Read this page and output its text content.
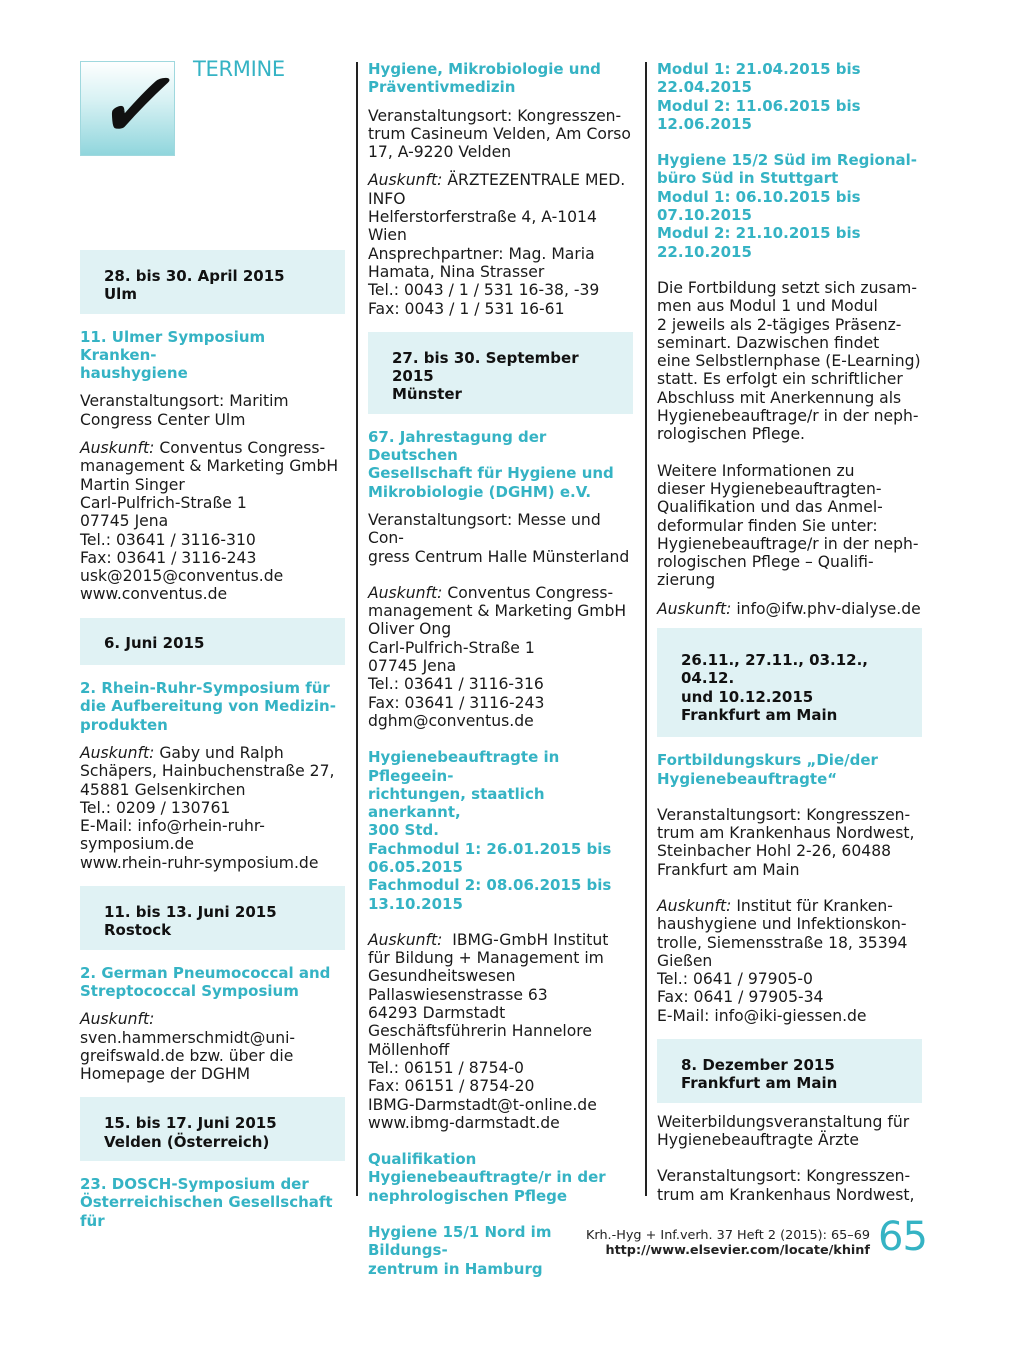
✓ TERMINE
28. bis 30. April 2015
Ulm
11. Ulmer Symposium Kranken-
haushygiene
Veranstaltungsort: Maritim
Congress Center Ulm
Auskunft: Conventus Congress-
management & Marketing GmbH
Martin Singer
Carl-Pulfrich-Straße 1
07745 Jena
Tel.: 03641 / 3116-310
Fax: 03641 / 3116-243
usk@2015@conventus.de
www.conventus.de
6. Juni 2015
2. Rhein-Ruhr-Symposium für
die Aufbereitung von Medizin-
produkten
Auskunft: Gaby und Ralph
Schäpers, Hainbuchenstraße 27,
45881 Gelsenkirchen
Tel.: 0209 / 130761
E-Mail: info@rhein-ruhr-
symposium.de
www.rhein-ruhr-symposium.de
11. bis 13. Juni 2015
Rostock
2. German Pneumococcal and
Streptococcal Symposium
Auskunft:
sven.hammerschmidt@uni-
greifswald.de bzw. über die
Homepage der DGHM
15. bis 17. Juni 2015
Velden (Österreich)
23. DOSCH-Symposium der
Österreichischen Gesellschaft für
Hygiene, Mikrobiologie und
Präventivmedizin
Veranstaltungsort: Kongresszen-
trum Casineum Velden, Am Corso
17, A-9220 Velden
Auskunft: ÄRZTEZENTRALE MED.
INFO
Helferstorferstraße 4, A-1014
Wien
Ansprechpartner: Mag. Maria
Hamata, Nina Strasser
Tel.: 0043 / 1 / 531 16-38, -39
Fax: 0043 / 1 / 531 16-61
27. bis 30. September 2015
Münster
67. Jahrestagung der Deutschen
Gesellschaft für Hygiene und
Mikrobiologie (DGHM) e.V.
Veranstaltungsort: Messe und Con-
gress Centrum Halle Münsterland
Auskunft: Conventus Congress-
management & Marketing GmbH
Oliver Ong
Carl-Pulfrich-Straße 1
07745 Jena
Tel.: 03641 / 3116-316
Fax: 03641 / 3116-243
dghm@conventus.de
Hygienebeauftragte in Pflegeein-
richtungen, staatlich anerkannt,
300 Std.
Fachmodul 1: 26.01.2015 bis
06.05.2015
Fachmodul 2: 08.06.2015 bis
13.10.2015
Auskunft: IBMG-GmbH Institut
für Bildung + Management im
Gesundheitswesen
Pallaswiesenstrasse 63
64293 Darmstadt
Geschäftsführerin Hannelore
Möllenhoff
Tel.: 06151 / 8754-0
Fax: 06151 / 8754-20
IBMG-Darmstadt@t-online.de
www.ibmg-darmstadt.de
Qualifikation
Hygienebeauftragte/r in der
nephrologischen Pflege
Hygiene 15/1 Nord im Bildungs-
zentrum in Hamburg
Modul 1: 21.04.2015 bis
22.04.2015
Modul 2: 11.06.2015 bis
12.06.2015
Hygiene 15/2 Süd im Regional-
büro Süd in Stuttgart
Modul 1: 06.10.2015 bis
07.10.2015
Modul 2: 21.10.2015 bis
22.10.2015
Die Fortbildung setzt sich zusam-
men aus Modul 1 und Modul
2 jeweils als 2-tägiges Präsenz-
seminart. Dazwischen findet
eine Selbstlernphase (E-Learning)
statt. Es erfolgt ein schriftlicher
Abschluss mit Anerkennung als
Hygienebeauftrage/r in der neph-
rologischen Pflege.
Weitere Informationen zu
dieser Hygienebeauftragten-
Qualifikation und das Anmel-
deformular finden Sie unter:
Hygienebeauftrage/r in der neph-
rologischen Pflege – Qualifi-
zierung
Auskunft: info@ifw.phv-dialyse.de
26.11., 27.11., 03.12., 04.12.
und 10.12.2015
Frankfurt am Main
Fortbildungskurs „Die/der
Hygienebeauftragte“
Veranstaltungsort: Kongresszen-
trum am Krankenhaus Nordwest,
Steinbacher Hohl 2-26, 60488
Frankfurt am Main
Auskunft: Institut für Kranken-
haushygiene und Infektionskon-
trolle, Siemensstraße 18, 35394
Gießen
Tel.: 0641 / 97905-0
Fax: 0641 / 97905-34
E-Mail: info@iki-giessen.de
8. Dezember 2015
Frankfurt am Main
Weiterbildungsveranstaltung für
Hygienebeauftragte Ärzte
Veranstaltungsort: Kongresszen-
trum am Krankenhaus Nordwest,
Krh.-Hyg + Inf.verh. 37 Heft 2 (2015): 65–69
http://www.elsevier.com/locate/khinf 65
